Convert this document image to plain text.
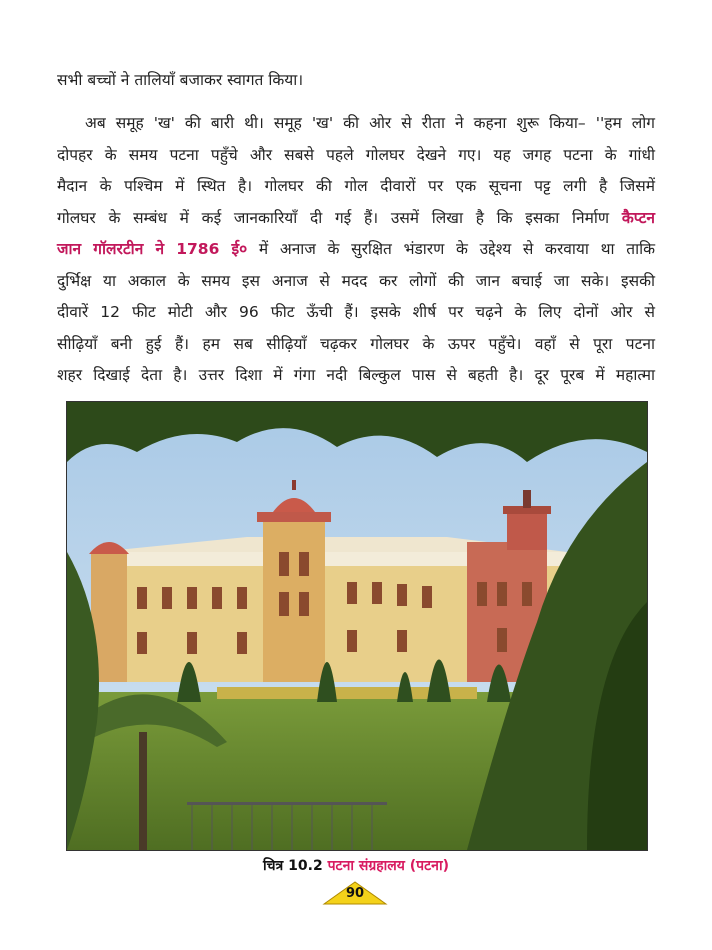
सभी बच्चों ने तालियाँ बजाकर स्वागत किया।
अब समूह 'ख' की बारी थी। समूह 'ख' की ओर से रीता ने कहना शुरू किया– ''हम लोग
दोपहर के समय पटना पहुँचे और सबसे पहले गोलघर देखने गए। यह जगह पटना के गांधी
मैदान के पश्चिम में स्थित है। गोलघर की गोल दीवारों पर एक सूचना पट्ट लगी है जिसमें
गोलघर के सम्बंध में कई जानकारियाँ दी गई हैं। उसमें लिखा है कि इसका निर्माण कैप्टन
जान गॉलरटीन ने 1786 ई० में अनाज के सुरक्षित भंडारण के उद्देश्य से करवाया था ताकि
दुर्भिक्ष या अकाल के समय इस अनाज से मदद कर लोगों की जान बचाई जा सके। इसकी
दीवारें 12 फीट मोटी और 96 फीट ऊँची हैं। इसके शीर्ष पर चढ़ने के लिए दोनों ओर से
सीढ़ियाँ बनी हुई हैं। हम सब सीढ़ियाँ चढ़कर गोलघर के ऊपर पहुँचे। वहाँ से पूरा पटना
शहर दिखाई देता है। उत्तर दिशा में गंगा नदी बिल्कुल पास से बहती है। दूर पूरब में महात्मा
चित्र 10.2 पटना संग्रहालय (पटना)
90
